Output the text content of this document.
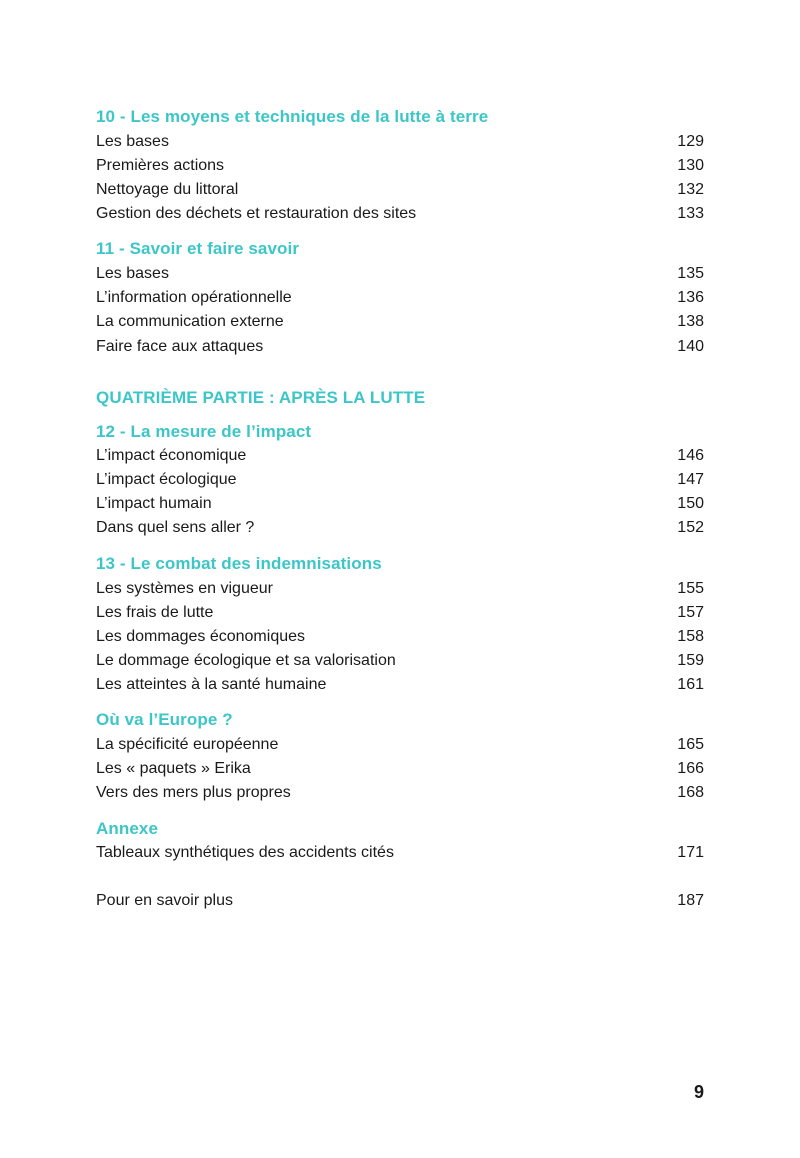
10 - Les moyens et techniques de la lutte à terre
Les bases	129
Premières actions	130
Nettoyage du littoral	132
Gestion des déchets et restauration des sites	133
11 - Savoir et faire savoir
Les bases	135
L’information opérationnelle	136
La communication externe	138
Faire face aux attaques	140
QUATRIÈME PARTIE : APRÈS LA LUTTE
12 - La mesure de l’impact
L’impact économique	146
L’impact écologique	147
L’impact humain	150
Dans quel sens aller ?	152
13 - Le combat des indemnisations
Les systèmes en vigueur	155
Les frais de lutte	157
Les dommages économiques	158
Le dommage écologique et sa valorisation	159
Les atteintes à la santé humaine	161
Où va l’Europe ?
La spécificité européenne	165
Les « paquets » Erika	166
Vers des mers plus propres	168
Annexe
Tableaux synthétiques des accidents cités	171
Pour en savoir plus	187
9
